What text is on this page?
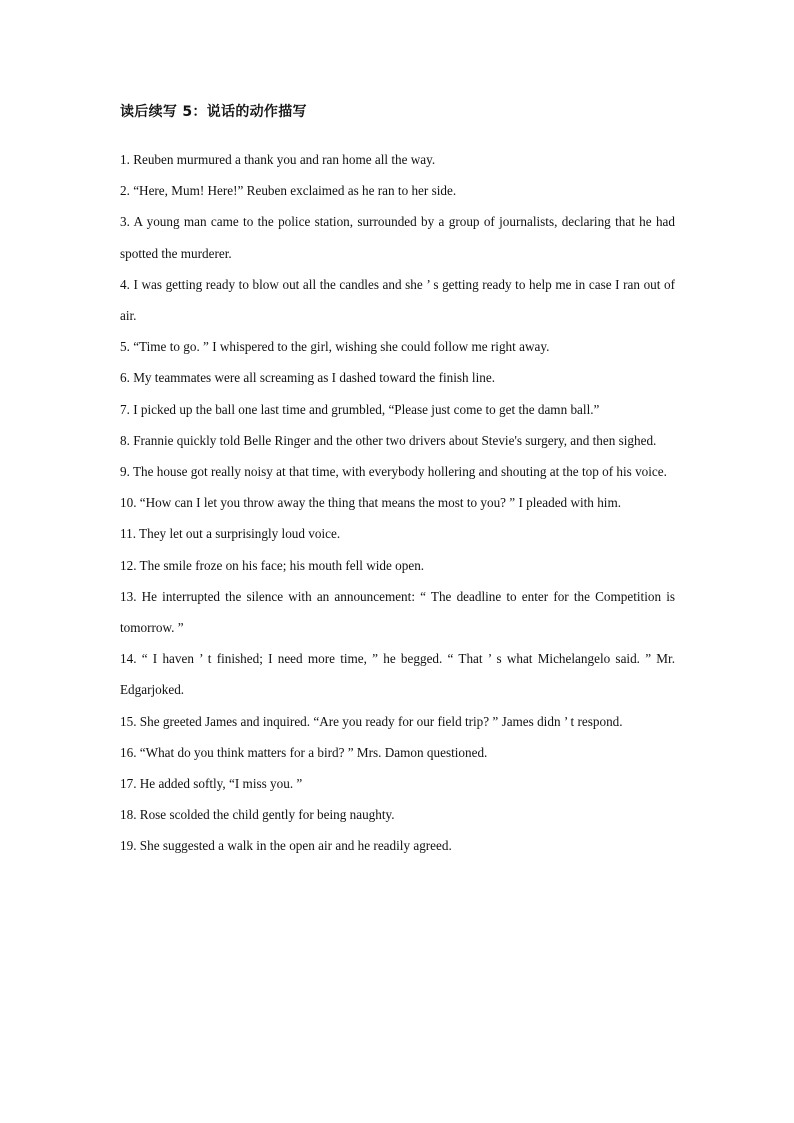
读后续写 5：说话的动作描写

1. Reuben murmured a thank you and ran home all the way.

2. “Here, Mum! Here!” Reuben exclaimed as he ran to her side.

3. A young man came to the police station, surrounded by a group of journalists, declaring that he had spotted the murderer.

4. I was getting ready to blow out all the candles and she ’ s getting ready to help me in case I ran out of air.

5. “Time to go. ” I whispered to the girl, wishing she could follow me right away.

6. My teammates were all screaming as I dashed toward the finish line.

7. I picked up the ball one last time and grumbled, “Please just come to get the damn ball.”

8. Frannie quickly told Belle Ringer and the other two drivers about Stevie's surgery, and then sighed.

9. The house got really noisy at that time, with everybody hollering and shouting at the top of his voice.

10. “How can I let you throw away the thing that means the most to you? ” I pleaded with him.

11. They let out a surprisingly loud voice.

12. The smile froze on his face; his mouth fell wide open.

13. He interrupted the silence with an announcement: “ The deadline to enter for the Competition is tomorrow. ”

14. “ I haven ’ t finished; I need more time, ” he begged. “ That ’ s what Michelangelo said. ” Mr. Edgarjoked.

15. She greeted James and inquired. “Are you ready for our field trip? ” James didn ’ t respond.

16. “What do you think matters for a bird? ” Mrs. Damon questioned.

17. He added softly, “I miss you. ”

18. Rose scolded the child gently for being naughty.

19. She suggested a walk in the open air and he readily agreed.
